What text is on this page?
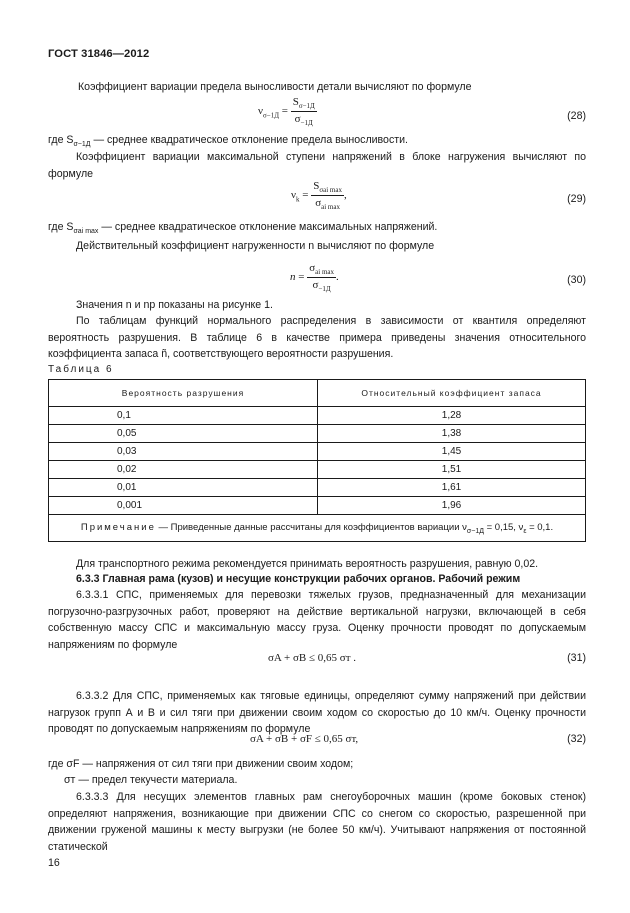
ГОСТ 31846—2012
Коэффициент вариации предела выносливости детали вычисляют по формуле
$\nu_{\sigma-1Д} = \frac{S_{\sigma-1Д}}{\sigma_{-1Д}}$	(28)
где $S_{\sigma-1Д}$ — среднее квадратическое отклонение предела выносливости.
Коэффициент вариации максимальной ступени напряжений в блоке нагружения вычисляют по формуле
$\nu_k = \frac{S_{\sigma ai max}}{\sigma_{ai max}}$ ,	(29)
где $S_{\sigma ai max}$ — среднее квадратическое отклонение максимальных напряжений.
Действительный коэффициент нагруженности n вычисляют по формуле
$n = \frac{\sigma_{ai max}}{\sigma_{-1Д}}$ .	(30)
Значения n и nр показаны на рисунке 1.
По таблицам функций нормального распределения в зависимости от квантиля определяют вероятность разрушения. В таблице 6 в качестве примера приведены значения относительного коэффициента запаса ñ, соответствующего вероятности разрушения.
Таблица 6
Вероятность разрушения	Относительный коэффициент запаса
0,1	1,28
0,05	1,38
0,03	1,45
0,02	1,51
0,01	1,61
0,001	1,96
Примечание — Приведенные данные рассчитаны для коэффициентов вариации $\nu_{\sigma-1Д} = 0,15$, $\nu_\varepsilon = 0,1$.	
Для транспортного режима рекомендуется принимать вероятность разрушения, равную 0,02.
6.3.3 Главная рама (кузов) и несущие конструкции рабочих органов. Рабочий режим
6.3.3.1 СПС, применяемых для перевозки тяжелых грузов, предназначенный для механизации погрузочно-разгрузочных работ, проверяют на действие вертикальной нагрузки, включающей в себя собственную массу СПС и максимальную массу груза. Оценку прочности проводят по допускаемым напряжениям по формуле
σA + σB ≤ 0,65 σт .	(31)
6.3.3.2 Для СПС, применяемых как тяговые единицы, определяют сумму напряжений при действии нагрузок групп А и В и сил тяги при движении своим ходом со скоростью до 10 км/ч. Оценку прочности проводят по допускаемым напряжениям по формуле
σA + σB + σF ≤ 0,65 σт,	(32)
где σF — напряжения от сил тяги при движении своим ходом;
σт — предел текучести материала.
6.3.3.3 Для несущих элементов главных рам снегоуборочных машин (кроме боковых стенок) определяют напряжения, возникающие при движении СПС со снегом со скоростью, разрешенной при движении груженой машины к месту выгрузки (не более 50 км/ч). Учитывают напряжения от постоянной статической
16
